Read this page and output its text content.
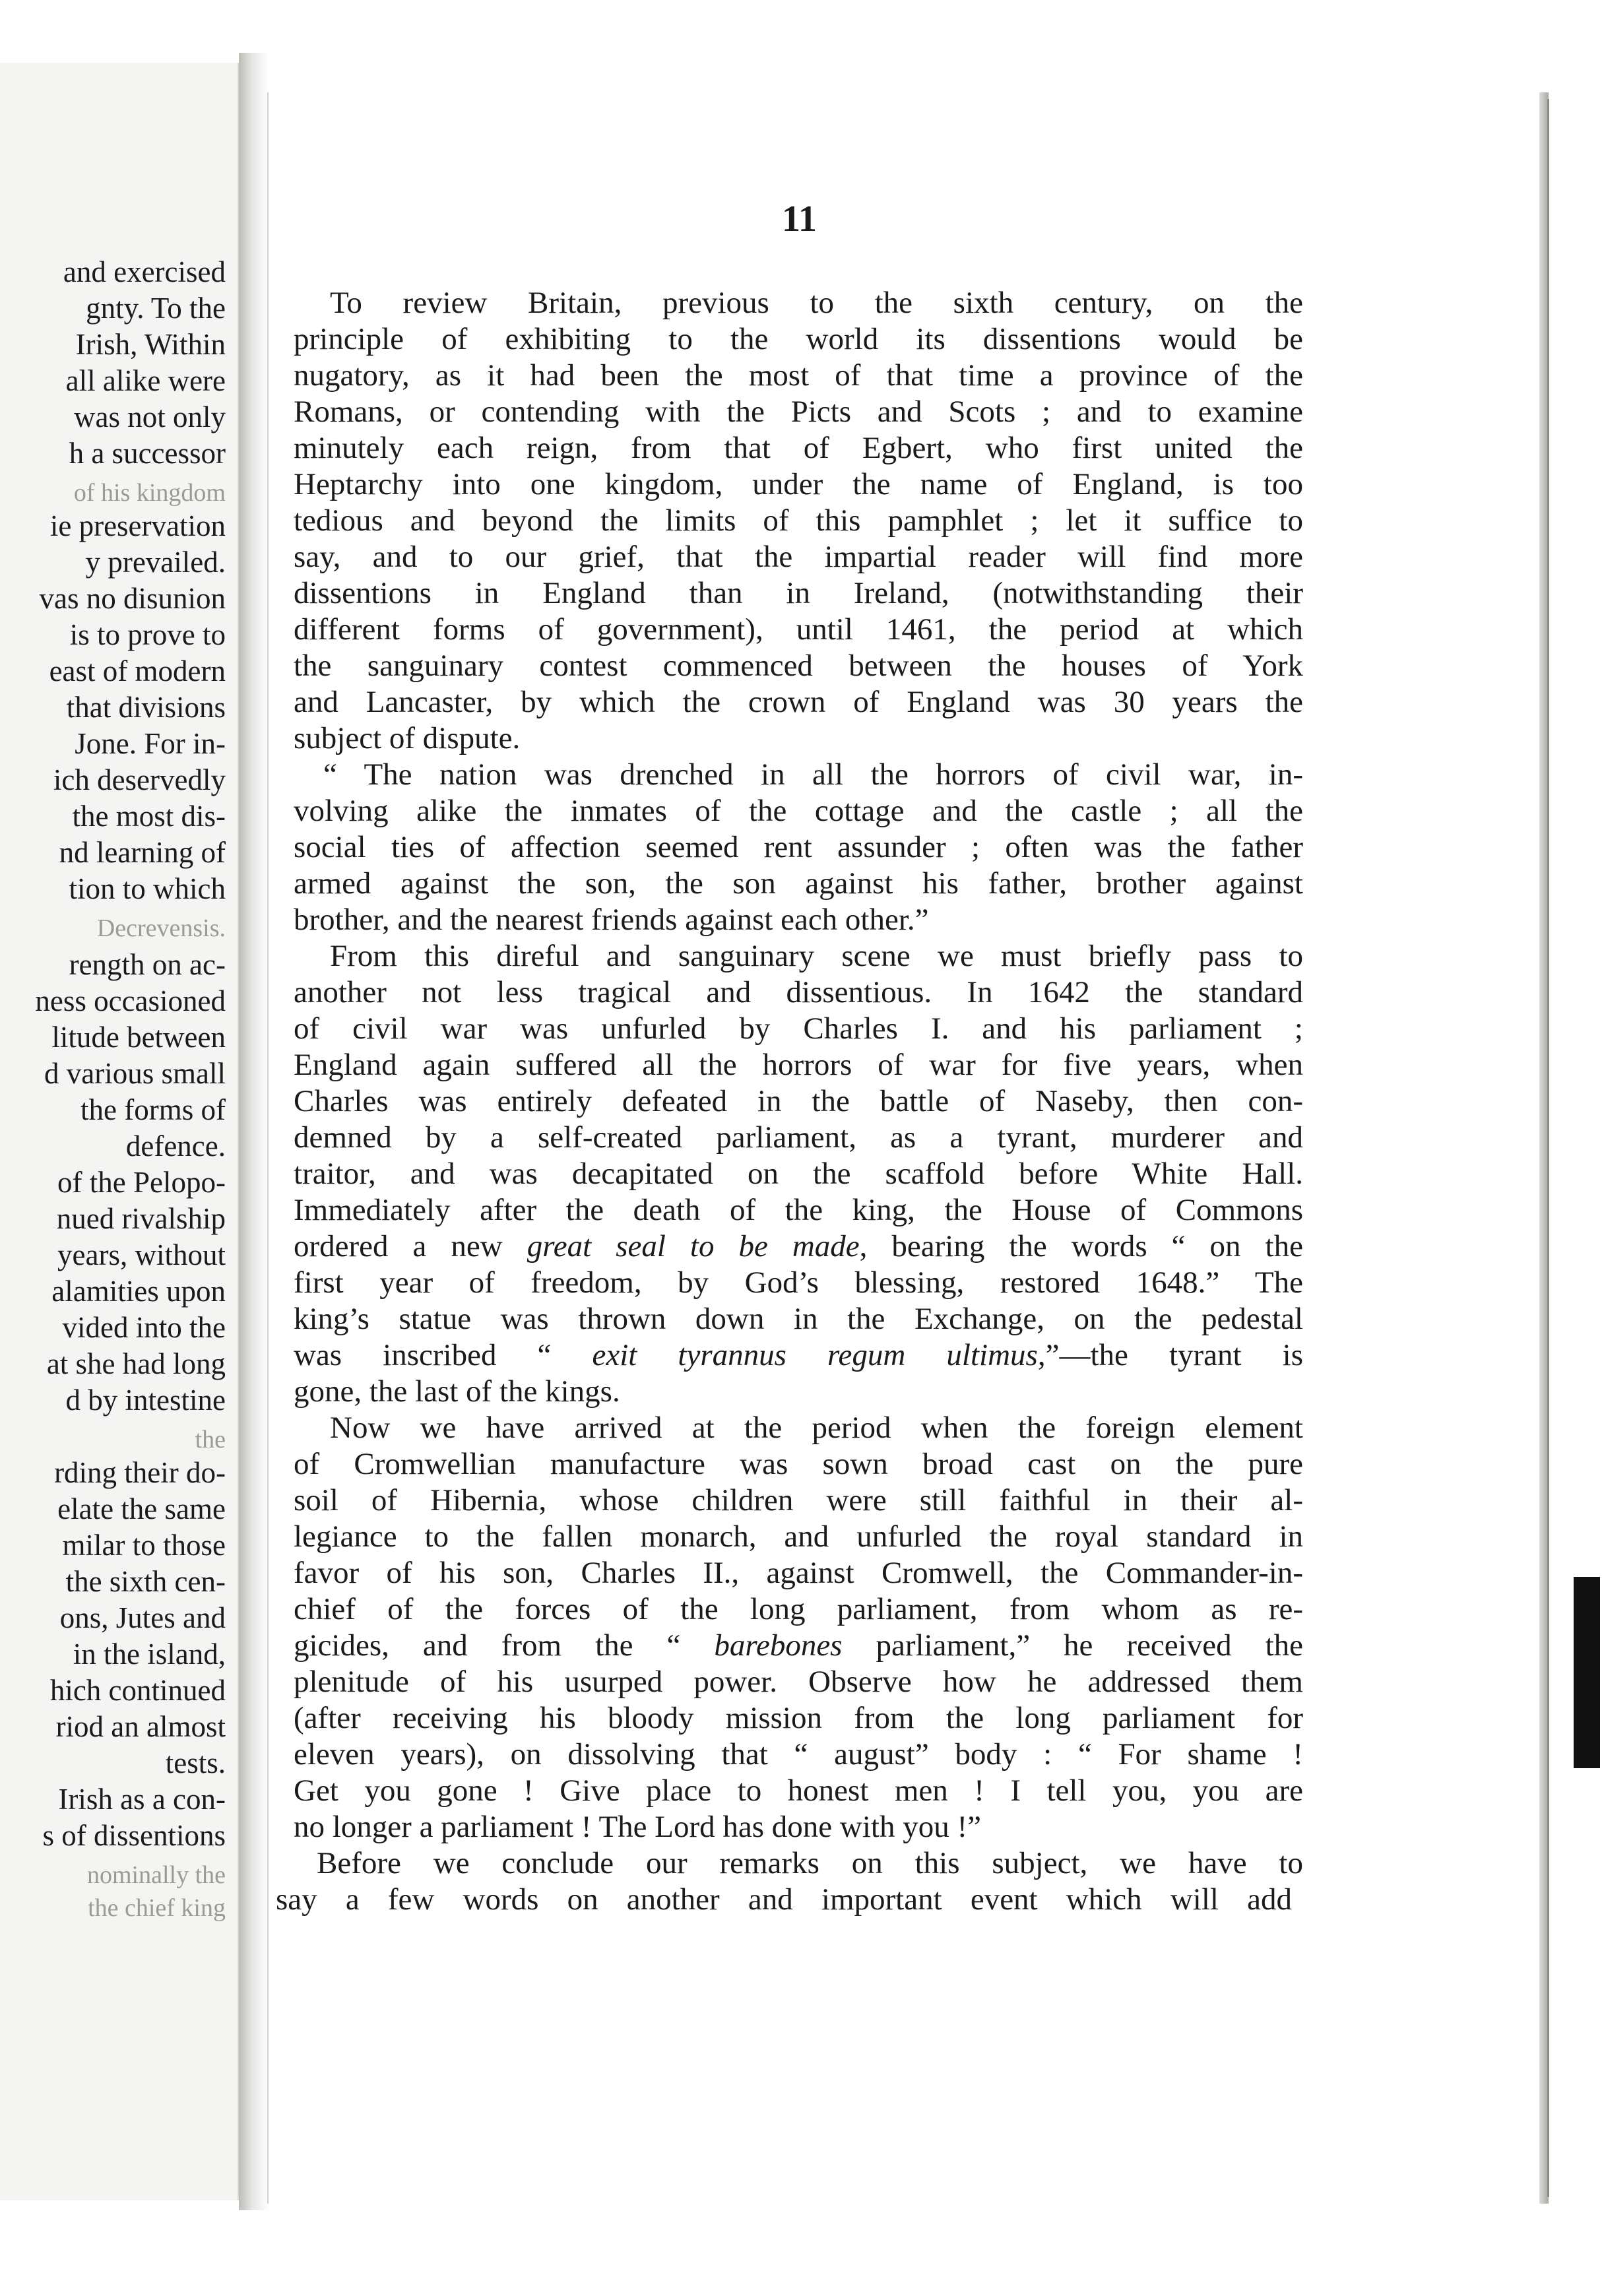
and exercised
gnty. To the
Irish, Within
all alike were
was not only
h a successor
of his kingdom
ie preservation
y prevailed.
vas no disunion
is to prove to
east of modern
that divisions
Jone. For in-
ich deservedly
the most dis-
nd learning of
tion to which
Decrevensis.
rength on ac-
ness occasioned
litude between
d various small
the forms of
defence.
of the Pelopo-
nued rivalship
years, without
alamities upon
vided into the
at she had long
d by intestine
the
rding their do-
elate the same
milar to those
the sixth cen-
ons, Jutes and
in the island,
hich continued
riod an almost
tests.
Irish as a con-
s of dissentions
nominally the
the chief king
11
To review Britain, previous to the sixth century, on the
principle of exhibiting to the world its dissentions would be
nugatory, as it had been the most of that time a province of the
Romans, or contending with the Picts and Scots ; and to examine
minutely each reign, from that of Egbert, who first united the
Heptarchy into one kingdom, under the name of England, is too
tedious and beyond the limits of this pamphlet ; let it suffice to
say, and to our grief, that the impartial reader will find more
dissentions in England than in Ireland, (notwithstanding their
different forms of government), until 1461, the period at which
the sanguinary contest commenced between the houses of York
and Lancaster, by which the crown of England was 30 years the
subject of dispute.
“ The nation was drenched in all the horrors of civil war, in-
volving alike the inmates of the cottage and the castle ; all the
social ties of affection seemed rent assunder ; often was the father
armed against the son, the son against his father, brother against
brother, and the nearest friends against each other.”
From this direful and sanguinary scene we must briefly pass to
another not less tragical and dissentious. In 1642 the standard
of civil war was unfurled by Charles I. and his parliament ;
England again suffered all the horrors of war for five years, when
Charles was entirely defeated in the battle of Naseby, then con-
demned by a self-created parliament, as a tyrant, murderer and
traitor, and was decapitated on the scaffold before White Hall.
Immediately after the death of the king, the House of Commons
ordered a new great seal to be made, bearing the words “ on the
first year of freedom, by God’s blessing, restored 1648.” The
king’s statue was thrown down in the Exchange, on the pedestal
was inscribed “ exit tyrannus regum ultimus,”—the tyrant is
gone, the last of the kings.
Now we have arrived at the period when the foreign element
of Cromwellian manufacture was sown broad cast on the pure
soil of Hibernia, whose children were still faithful in their al-
legiance to the fallen monarch, and unfurled the royal standard in
favor of his son, Charles II., against Cromwell, the Commander-in-
chief of the forces of the long parliament, from whom as re-
gicides, and from the “ barebones parliament,” he received the
plenitude of his usurped power. Observe how he addressed them
(after receiving his bloody mission from the long parliament for
eleven years), on dissolving that “ august” body : “ For shame !
Get you gone ! Give place to honest men ! I tell you, you are
no longer a parliament ! The Lord has done with you !”
Before we conclude our remarks on this subject, we have to
say a few words on another and important event which will add
